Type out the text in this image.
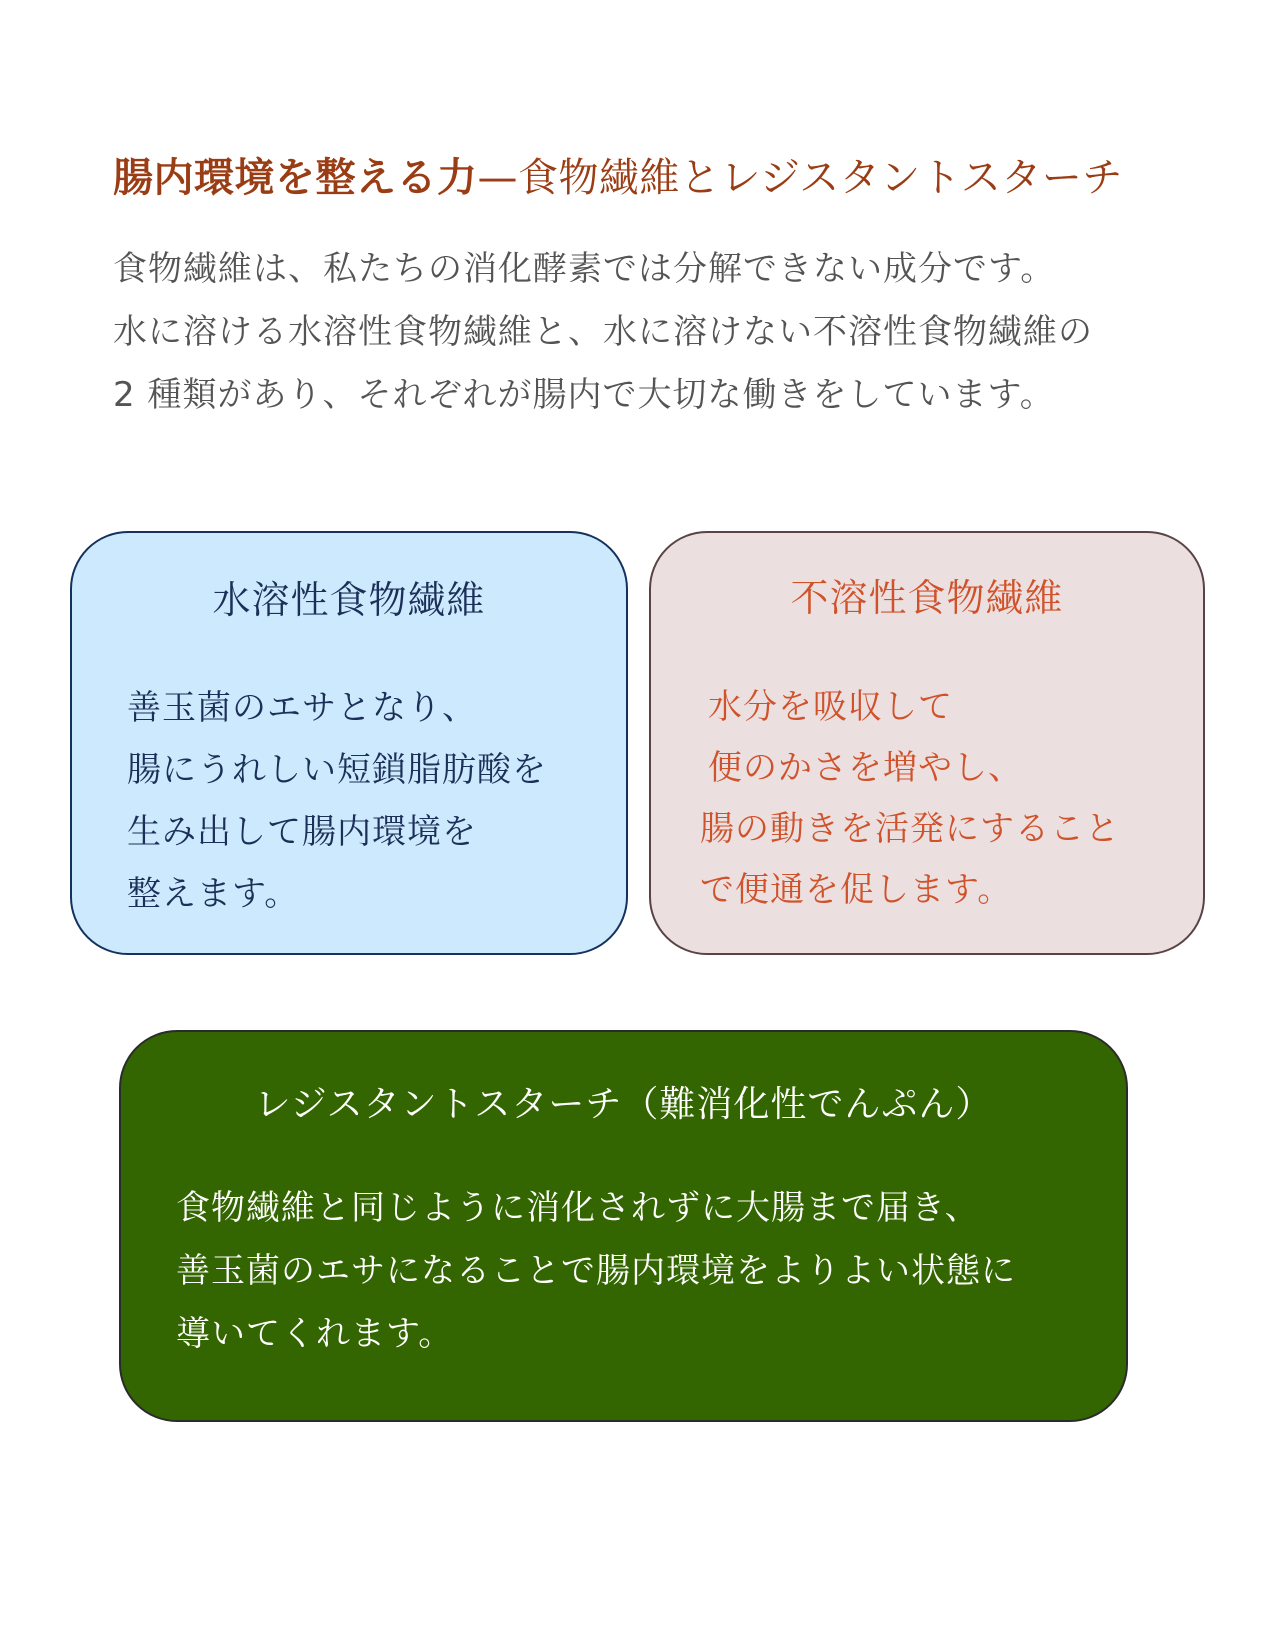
腸内環境を整える力—食物繊維とレジスタントスターチ

食物繊維は、私たちの消化酵素では分解できない成分です。

水に溶ける水溶性食物繊維と、水に溶けない不溶性食物繊維の

2 種類があり、それぞれが腸内で大切な働きをしています。

水溶性食物繊維

善玉菌のエサとなり、

腸にうれしい短鎖脂肪酸を

生み出して腸内環境を

整えます。

不溶性食物繊維

水分を吸収して

便のかさを増やし、

腸の動きを活発にすること

で便通を促します。

レジスタントスターチ（難消化性でんぷん）

食物繊維と同じように消化されずに大腸まで届き、

善玉菌のエサになることで腸内環境をよりよい状態に

導いてくれます。
